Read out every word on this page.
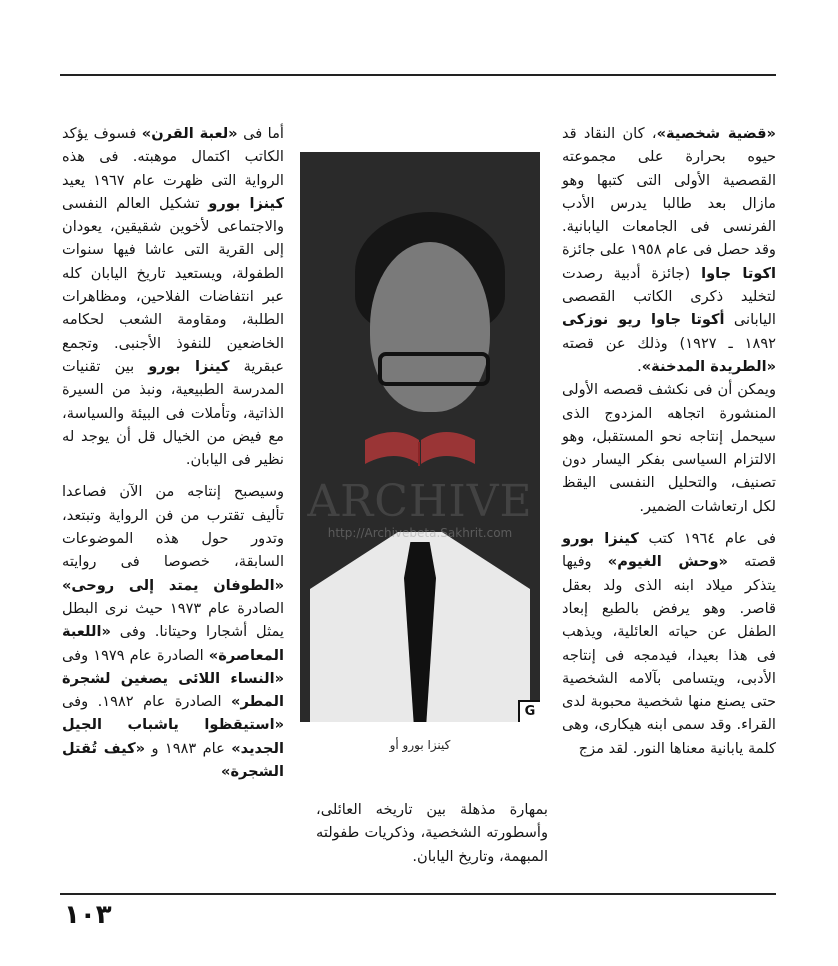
«قضية شخصية»، كان النقاد قد حيوه بحرارة على مجموعته القصصية الأولى التى كتبها وهو مازال بعد طالبا يدرس الأدب الفرنسى فى الجامعات اليابانية. وقد حصل فى عام ١٩٥٨ على جائزة اكوتا جاوا (جائزة أدبية رصدت لتخليد ذكرى الكاتب القصصى اليابانى أكوتا جاوا ريو نوزكى ١٨٩٢ ـ ١٩٢٧) وذلك عن قصته «الطريدة المدخنة».

ويمكن أن فى نكشف قصصه الأولى المنشورة اتجاهه المزدوج الذى سيحمل إنتاجه نحو المستقبل، وهو الالتزام السياسى بفكر اليسار دون تصنيف، والتحليل النفسى اليقظ لكل ارتعاشات الضمير.

فى عام ١٩٦٤ كتب كينزا بورو قصته «وحش الغيوم» وفيها يتذكر ميلاد ابنه الذى ولد بعقل قاصر. وهو يرفض بالطبع إبعاد الطفل عن حياته العائلية، ويذهب فى هذا بعيدا، فيدمجه فى إنتاجه الأدبى، ويتسامى بآلامه الشخصية حتى يصنع منها شخصية محبوبة لدى القراء. وقد سمى ابنه هيكارى، وهى كلمة يابانية معناها النور. لقد مزج

G
ARCHIVE
http://Archivebeta.Sakhrit.com
كينزا بورو أو

بمهارة مذهلة بين تاريخه العائلى، وأسطورته الشخصية، وذكريات طفولته المبهمة، وتاريخ اليابان.

أما فى «لعبة القرن» فسوف يؤكد الكاتب اكتمال موهبته. فى هذه الرواية التى ظهرت عام ١٩٦٧ يعيد كينزا بورو تشكيل العالم النفسى والاجتماعى لأخوين شقيقين، يعودان إلى القرية التى عاشا فيها سنوات الطفولة، ويستعيد تاريخ اليابان كله عبر انتفاضات الفلاحين، ومظاهرات الطلبة، ومقاومة الشعب لحكامه الخاضعين للنفوذ الأجنبى. وتجمع عبقرية كينزا بورو بين تقنيات المدرسة الطبيعية، ونبذ من السيرة الذاتية، وتأملات فى البيئة والسياسة، مع فيض من الخيال قل أن يوجد له نظير فى اليابان.

وسيصبح إنتاجه من الآن فصاعدا تأليف تقترب من فن الرواية وتبتعد، وتدور حول هذه الموضوعات السابقة، خصوصا فى روايته «الطوفان يمتد إلى روحى» الصادرة عام ١٩٧٣ حيث نرى البطل يمثل أشجارا وحيتانا. وفى «اللعبة المعاصرة» الصادرة عام ١٩٧٩ وفى «النساء اللائى يصغين لشجرة المطر» الصادرة عام ١٩٨٢. وفى «استيقظوا ياشباب الجيل الجديد» عام ١٩٨٣ و «كيف تُقتل الشجرة»

١٠٣
